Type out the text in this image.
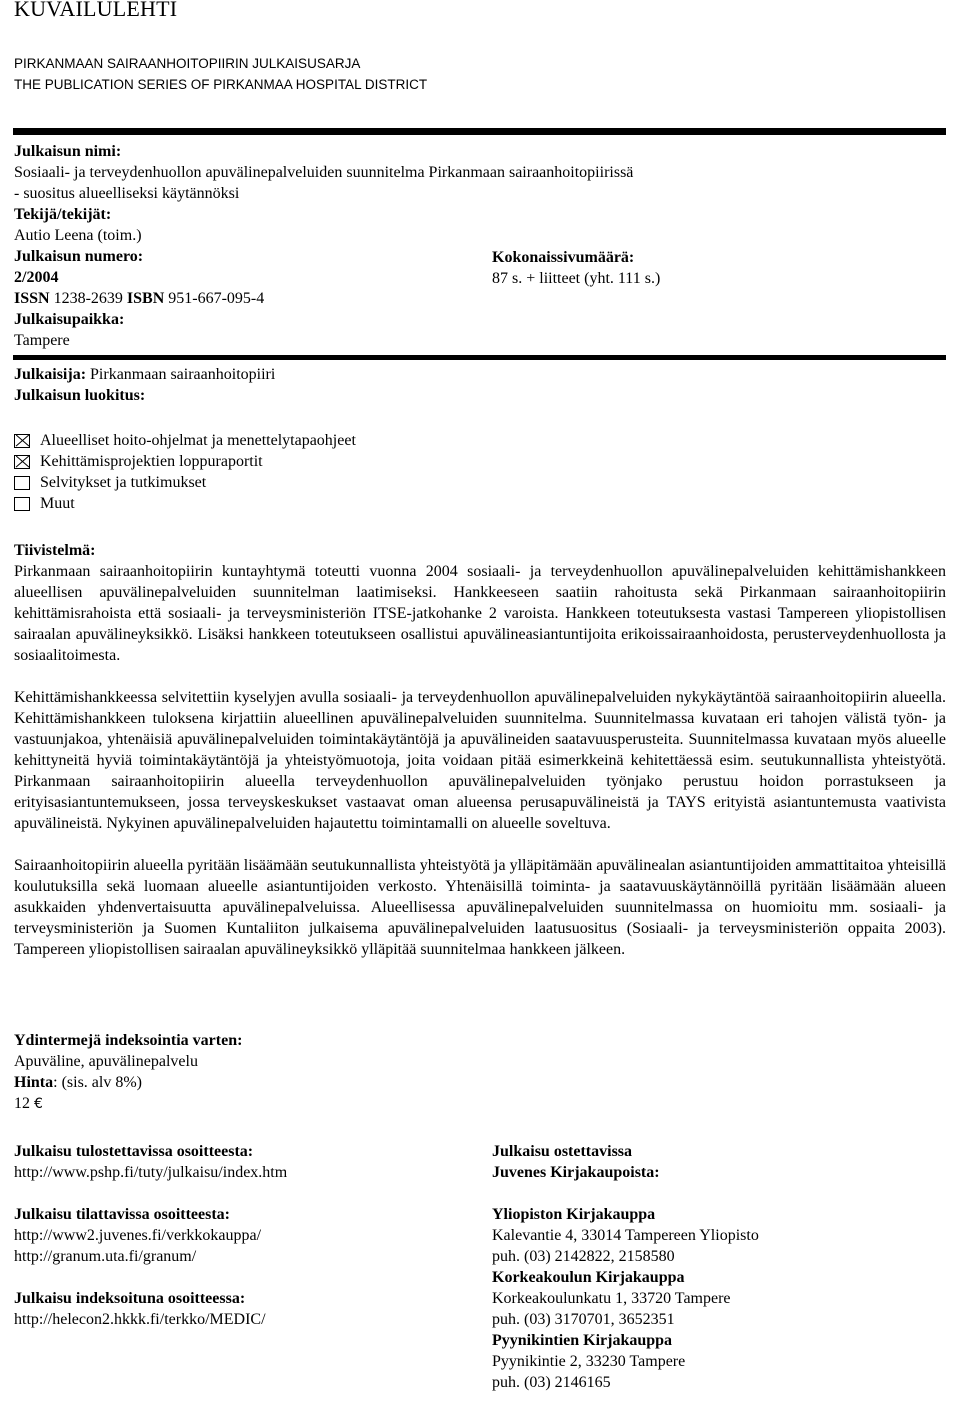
KUVAILULEHTI
PIRKANMAAN SAIRAANHOITOPIIRIN JULKAISUSARJA
THE PUBLICATION SERIES OF PIRKANMAA HOSPITAL DISTRICT
Julkaisun nimi:
Sosiaali- ja terveydenhuollon apuvälinepalveluiden suunnitelma Pirkanmaan sairaanhoitopiirissä
- suositus alueelliseksi käytännöksi
Tekijä/tekijät:
Autio Leena (toim.)
Julkaisun numero:
2/2004
ISSN 1238-2639 ISBN 951-667-095-4
Julkaisupaikka:
Tampere
Kokonaissivumäärä:
87 s. + liitteet (yht. 111 s.)
Julkaisija: Pirkanmaan sairaanhoitopiiri
Julkaisun luokitus:
Alueelliset hoito-ohjelmat ja menettelytapaohjeet
Kehittämisprojektien loppuraportit
Selvitykset ja tutkimukset
Muut
Tiivistelmä:

Pirkanmaan sairaanhoitopiirin kuntayhtymä toteutti vuonna 2004 sosiaali- ja terveydenhuollon apuvälinepalveluiden kehittämishankkeen alueellisen apuvälinepalveluiden suunnitelman laatimiseksi. Hankkeeseen saatiin rahoitusta sekä Pirkanmaan sairaanhoitopiirin kehittämisrahoista että sosiaali- ja terveysministeriön ITSE-jatkohanke 2 varoista. Hankkeen toteutuksesta vastasi Tampereen yliopistollisen sairaalan apuvälineyksikkö. Lisäksi hankkeen toteutukseen osallistui apuvälineasiantuntijoita erikoissairaanhoidosta, perusterveydenhuollosta ja sosiaalitoimesta.

Kehittämishankkeessa selvitettiin kyselyjen avulla sosiaali- ja terveydenhuollon apuvälinepalveluiden nykykäytäntöä sairaanhoitopiirin alueella. Kehittämishankkeen tuloksena kirjattiin alueellinen apuvälinepalveluiden suunnitelma. Suunnitelmassa kuvataan eri tahojen välistä työn- ja vastuunjakoa, yhtenäisiä apuvälinepalveluiden toimintakäytäntöjä ja apuvälineiden saatavuusperusteita. Suunnitelmassa kuvataan myös alueelle kehittyneitä hyviä toimintakäytäntöjä ja yhteistyömuotoja, joita voidaan pitää esimerkkeinä kehitettäessä esim. seutukunnallista yhteistyötä. Pirkanmaan sairaanhoitopiirin alueella terveydenhuollon apuvälinepalveluiden työnjako perustuu hoidon porrastukseen ja erityisasiantuntemukseen, jossa terveyskeskukset vastaavat oman alueensa perusapuvälineistä ja TAYS erityistä asiantuntemusta vaativista apuvälineistä. Nykyinen apuvälinepalveluiden hajautettu toimintamalli on alueelle soveltuva.

Sairaanhoitopiirin alueella pyritään lisäämään seutukunnallista yhteistyötä ja ylläpitämään apuvälinealan asiantuntijoiden ammattitaitoa yhteisillä koulutuksilla sekä luomaan alueelle asiantuntijoiden verkosto. Yhtenäisillä toiminta- ja saatavuuskäytännöillä pyritään lisäämään alueen asukkaiden yhdenvertaisuutta apuvälinepalveluissa. Alueellisessa apuvälinepalveluiden suunnitelmassa on huomioitu mm. sosiaali- ja terveysministeriön ja Suomen Kuntaliiton julkaisema apuvälinepalveluiden laatusuositus (Sosiaali- ja terveysministeriön oppaita 2003). Tampereen yliopistollisen sairaalan apuvälineyksikkö ylläpitää suunnitelmaa hankkeen jälkeen.

Ydintermejä indeksointia varten:
Apuväline, apuvälinepalvelu
Hinta: (sis. alv 8%)
12 €
Julkaisu tulostettavissa osoitteesta:
http://www.pshp.fi/tuty/julkaisu/index.htm
Julkaisu tilattavissa osoitteesta:
http://www2.juvenes.fi/verkkokauppa/
http://granum.uta.fi/granum/
Julkaisu indeksoituna osoitteessa:
http://helecon2.hkkk.fi/terkko/MEDIC/
Julkaisu ostettavissa
Juvenes Kirjakaupoista:
Yliopiston Kirjakauppa
Kalevantie 4, 33014 Tampereen Yliopisto
puh. (03) 2142822, 2158580
Korkeakoulun Kirjakauppa
Korkeakoulunkatu 1, 33720 Tampere
puh. (03) 3170701, 3652351
Pyynikintien Kirjakauppa
Pyynikintie 2, 33230 Tampere
puh. (03) 2146165
